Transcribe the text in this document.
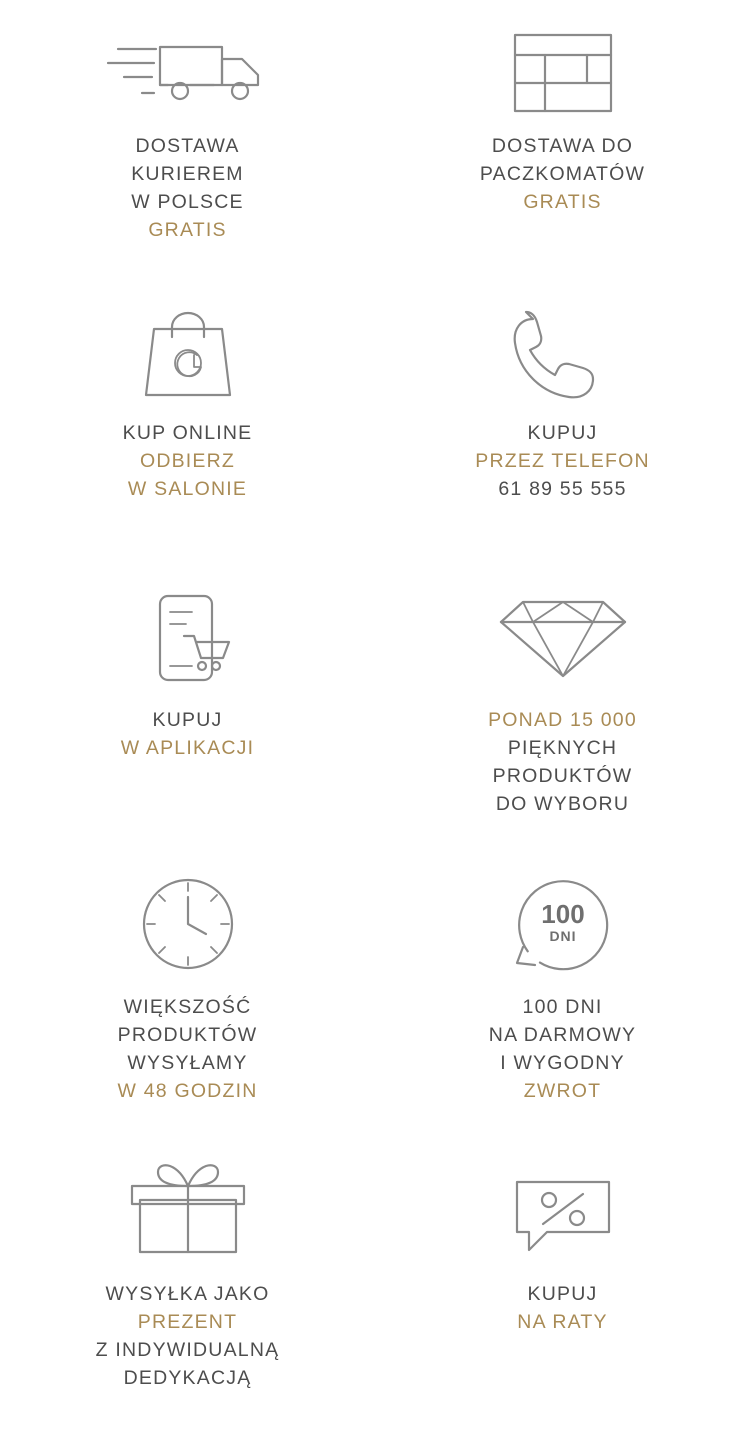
DOSTAWA
KURIEREM
W POLSCE
GRATIS
DOSTAWA DO
PACZKOMATÓW
GRATIS
KUP ONLINE
ODBIERZ
W SALONIE
KUPUJ
PRZEZ TELEFON
61 89 55 555
KUPUJ
W APLIKACJI
PONAD 15 000
PIĘKNYCH
PRODUKTÓW
DO WYBORU
WIĘKSZOŚĆ
PRODUKTÓW
WYSYŁAMY
W 48 GODZIN
100
DNI
100 DNI
NA DARMOWY
I WYGODNY
ZWROT
WYSYŁKA JAKO
PREZENT
Z INDYWIDUALNĄ
DEDYKACJĄ
KUPUJ
NA RATY
